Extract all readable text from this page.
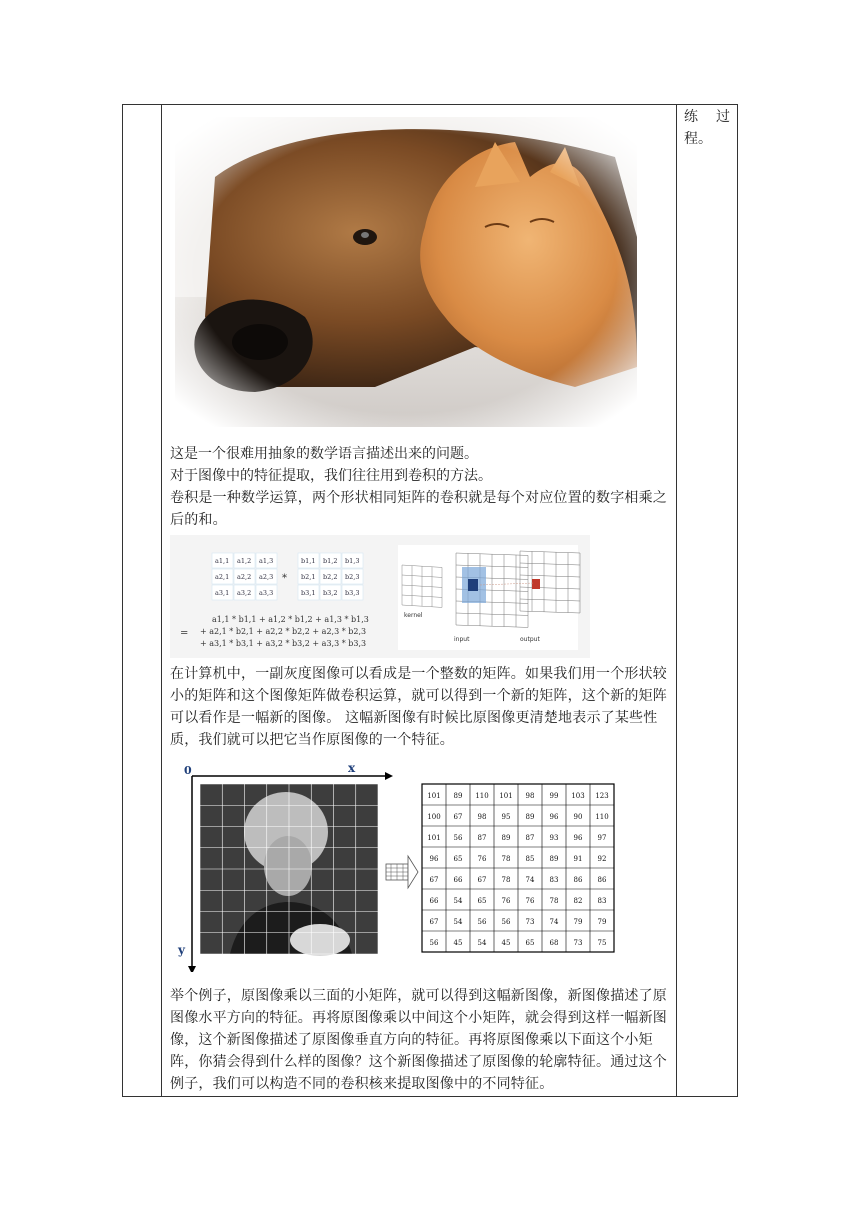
练 过
程。
这是一个很难用抽象的数学语言描述出来的问题。
对于图像中的特征提取，我们往往用到卷积的方法。
卷积是一种数学运算，两个形状相同矩阵的卷积就是每个对应位置的数字相乘之后的和。
a1,1 a1,2 a1,3
a2,1 a2,2 a2,3
a3,1 a3,2 a3,3
*
b1,1 b1,2 b1,3
b2,1 b2,2 b2,3
b3,1 b3,2 b3,3
=
a1,1 * b1,1 + a1,2 * b1,2 + a1,3 * b1,3
+ a2,1 * b2,1 + a2,2 * b2,2 + a2,3 * b2,3
+ a3,1 * b3,1 + a3,2 * b3,2 + a3,3 * b3,3
kernel
input	output
在计算机中，一副灰度图像可以看成是一个整数的矩阵。如果我们用一个形状较小的矩阵和这个图像矩阵做卷积运算，就可以得到一个新的矩阵，这个新的矩阵可以看作是一幅新的图像。 这幅新图像有时候比原图像更清楚地表示了某些性质，我们就可以把它当作原图像的一个特征。
0	x
y
101 89 110 101 98 99 103 123
100 67 98 95 89 96 90 110
101 56 87 89 87 93 96 97
96 65 76 78 85 89 91 92
67 66 67 78 74 83 86 86
66 54 65 76 76 78 82 83
67 54 56 56 73 74 79 79
56 45 54 45 65 68 73 75
举个例子，原图像乘以三面的小矩阵，就可以得到这幅新图像，新图像描述了原图像水平方向的特征。再将原图像乘以中间这个小矩阵，就会得到这样一幅新图像，这个新图像描述了原图像垂直方向的特征。再将原图像乘以下面这个小矩阵，你猜会得到什么样的图像？这个新图像描述了原图像的轮廓特征。通过这个例子，我们可以构造不同的卷积核来提取图像中的不同特征。
